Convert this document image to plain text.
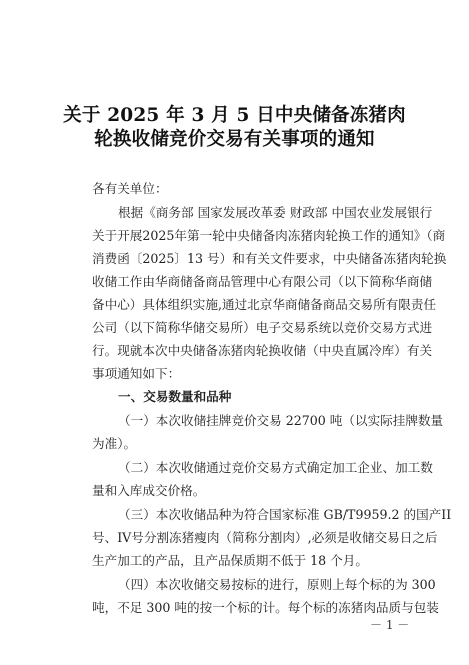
关于 2025 年 3 月 5 日中央储备冻猪肉
轮换收储竞价交易有关事项的通知
各有关单位：
根据《商务部 国家发展改革委 财政部 中国农业发展银行
关于开展2025年第一轮中央储备肉冻猪肉轮换工作的通知》（商
消费函〔2025〕13 号）和有关文件要求，中央储备冻猪肉轮换
收储工作由华商储备商品管理中心有限公司（以下简称华商储
备中心）具体组织实施,通过北京华商储备商品交易所有限责任
公司（以下简称华储交易所）电子交易系统以竞价交易方式进
行。现就本次中央储备冻猪肉轮换收储（中央直属冷库）有关
事项通知如下：
一、交易数量和品种
（一）本次收储挂牌竞价交易 22700 吨（以实际挂牌数量
为准）。
（二）本次收储通过竞价交易方式确定加工企业、加工数
量和入库成交价格。
（三）本次收储品种为符合国家标准 GB/T9959.2 的国产II
号、IV号分割冻猪瘦肉（简称分割肉）,必须是收储交易日之后
生产加工的产品，且产品保质期不低于 18 个月。
（四）本次收储交易按标的进行，原则上每个标的为 300
吨，不足 300 吨的按一个标的计。每个标的冻猪肉品质与包装
－ 1 －
